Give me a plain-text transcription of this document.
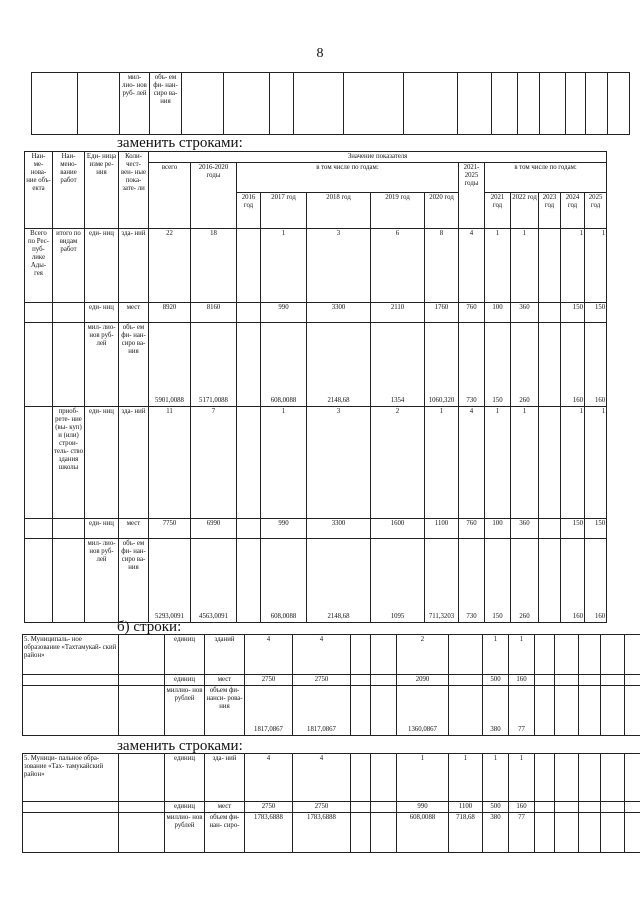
8
		мил- лио- нов руб- лей	объ- ем фи- нан- сиро ва- ния													
заменить строками:
Наи- ме- нова- ние объ- екта	Наи- мено- вание работ	Еди- ница изме ре- ния	Коли- чест- вен- ные пока- зате- ли	Значение показателя												
				всего	2016-2020 годы	в том числе по годам:					2021- 2025 годы	в том числе по годам:				
						2016 год	2017 год	2018 год	2019 год	2020 год		2021 год	2022 год	2023 год	2024 год	2025 год
Всего по Рес- пуб- лике Ады- гея	итого по видам работ	еди- ниц	зда- ний	22	18		1	3	6	8	4	1	1		1	1
		еди- ниц	мест	8920	8160		990	3300	2110	1760	760	100	360		150	150
		мил- лио- нов руб- лей	объ- ем фи- нан- сиро ва- ния	5901,0088	5171,0088		608,0088	2148,68	1354	1060,320	730	150	260		160	160
	приоб- рете- ние (вы- куп) и (или) строи- тель- ство здания школы	еди- ниц	зда- ний	11	7		1	3	2	1	4	1	1		1	1
		еди- ниц	мест	7750	6990		990	3300	1600	1100	760	100	360		150	150
		мил- лио- нов руб- лей	объ- ем фи- нан- сиро ва- ния	5293,0091	4563,0091		608,0088	2148,68	1095	711,3203	730	150	260		160	160
б) строки:
5. Муниципаль- ное образование «Тахтамукай- ский район»		единиц	зданий	4	4			2		1	1					
		единиц	мест	2750	2750			2090		500	160					
		миллио- нов рублей	объем фи- нанси- рова- ния	1817,0867	1817,0867			1360,0867		380	77					
заменить строками:
5. Муници- пальное обра- зование «Тах- тамукайский район»		единиц	зда- ний	4	4			1	1	1	1					
		единиц	мест	2750	2750			990	1100	500	160					
		миллио- нов рублей	объем фи- нан- сиро-	1783,6888	1783,6888			608,0088	718,68	380	77					
